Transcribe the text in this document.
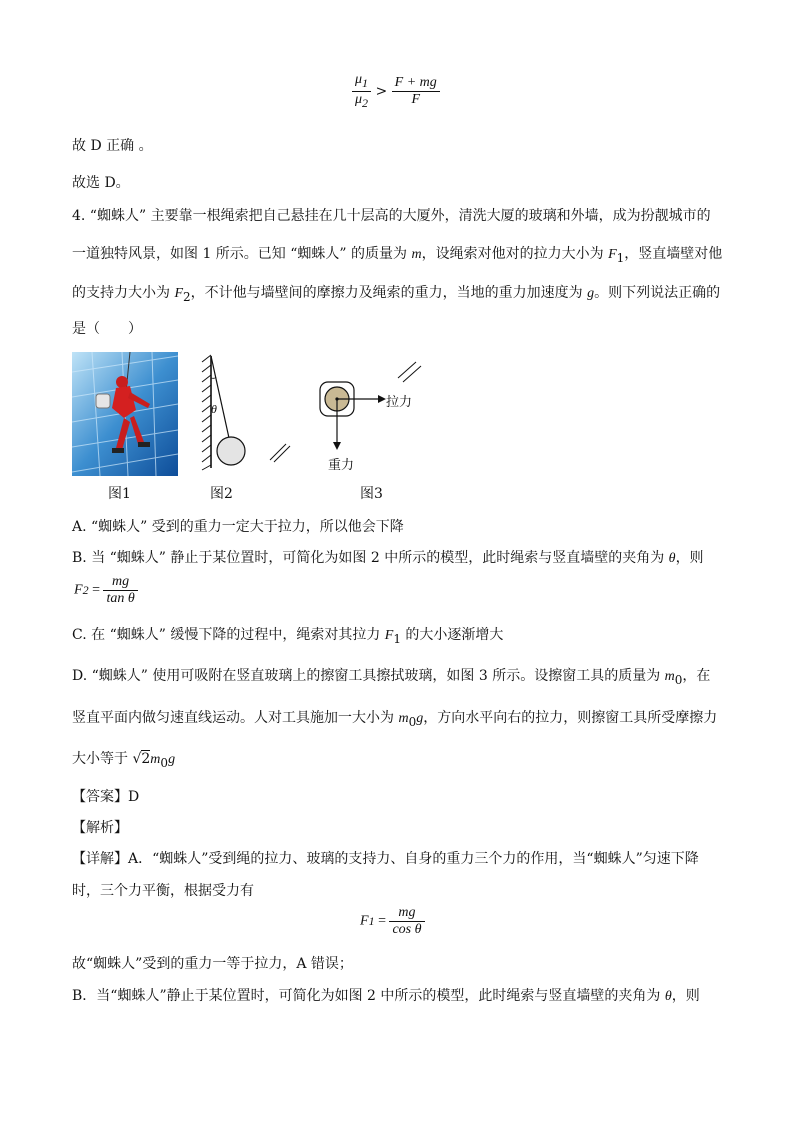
$\frac{\mu_1}{\mu_2} > \frac{F + mg}{F}$
故 D 正确 。
故选 D。
4. “蜘蛛人” 主要靠一根绳索把自己悬挂在几十层高的大厦外，清洗大厦的玻璃和外墙，成为扮靓城市的
一道独特风景，如图 1 所示。已知 “蜘蛛人” 的质量为 m，设绳索对他对的拉力大小为 $F_1$，竖直墙壁对他
的支持力大小为 $F_2$，不计他与墙壁间的摩擦力及绳索的重力，当地的重力加速度为 g。则下列说法正确的
是（　　）
图1
θ
图2
拉力
重力
图3
A. “蜘蛛人” 受到的重力一定大于拉力，所以他会下降
B. 当 “蜘蛛人” 静止于某位置时，可简化为如图 2 中所示的模型，此时绳索与竖直墙壁的夹角为 θ，则
$F2 = \frac{mg}{\text{tan θ}}$
C. 在 “蜘蛛人” 缓慢下降的过程中，绳索对其拉力 $F_1$ 的大小逐渐增大
D. “蜘蛛人” 使用可吸附在竖直玻璃上的擦窗工具擦拭玻璃，如图 3 所示。设擦窗工具的质量为 $m_0$，在
竖直平面内做匀速直线运动。人对工具施加一大小为 $m_0g$，方向水平向右的拉力，则擦窗工具所受摩擦力
大小等于 $√2m_0g$
【答案】D
【解析】
【详解】A．“蜘蛛人”受到绳的拉力、玻璃的支持力、自身的重力三个力的作用，当“蜘蛛人”匀速下降
时，三个力平衡，根据受力有
$F1 = \frac{mg}{\text{cos θ}}$
故“蜘蛛人”受到的重力一等于拉力，A 错误；
B．当“蜘蛛人”静止于某位置时，可简化为如图 2 中所示的模型，此时绳索与竖直墙壁的夹角为 θ，则
